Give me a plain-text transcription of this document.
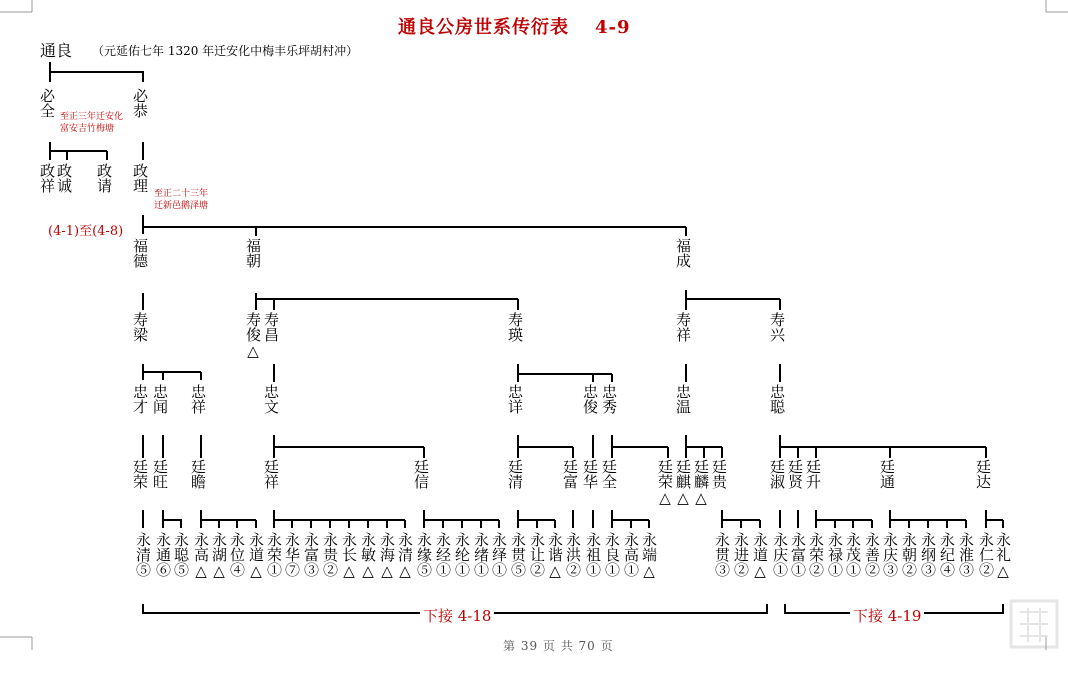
通良公房世系传衍表 4-9
通良 （元延佑七年 1320 年迁安化中梅丰乐坪胡村冲）
必全	必恭
至正三年迁安化
富安吉竹梅塘
政祥 政诚 政请 政理
至正二十三年
迁新邑鹅泽塘
(4-1)至(4-8)
福德	福朝	福成
寿梁	寿俊△ 寿昌	寿瑛	寿祥	寿兴
忠才 忠闻 忠祥	忠文	忠详	忠俊 忠秀	忠温	忠聪
廷荣 廷旺 廷瞻	廷祥	廷信	廷清 廷富 廷华 廷全	廷荣△ 廷麒△ 廷麟△ 廷贵	廷淑 廷贤 廷升	廷通	廷达
永清⑤ 永通⑥ 永聪⑤ 永高△ 永湖△ 永位④ 永道△ 永荣① 永华⑦ 永富③ 永贵② 永长△ 永敏△ 永海△ 永清△ 永缘⑤ 永经① 永纶① 永绪① 永绎① 永贯⑤ 永让② 永谐△ 永洪② 永祖① 永良① 永高① 永端△	永贯③ 永进② 永道△ 永庆① 永富① 永荣② 永禄① 永茂① 永善② 永庆③ 永朝② 永纲③ 永纪④ 永淮③ 永仁② 永礼△
下接 4-18	下接 4-19
第 39 页 共 70 页
